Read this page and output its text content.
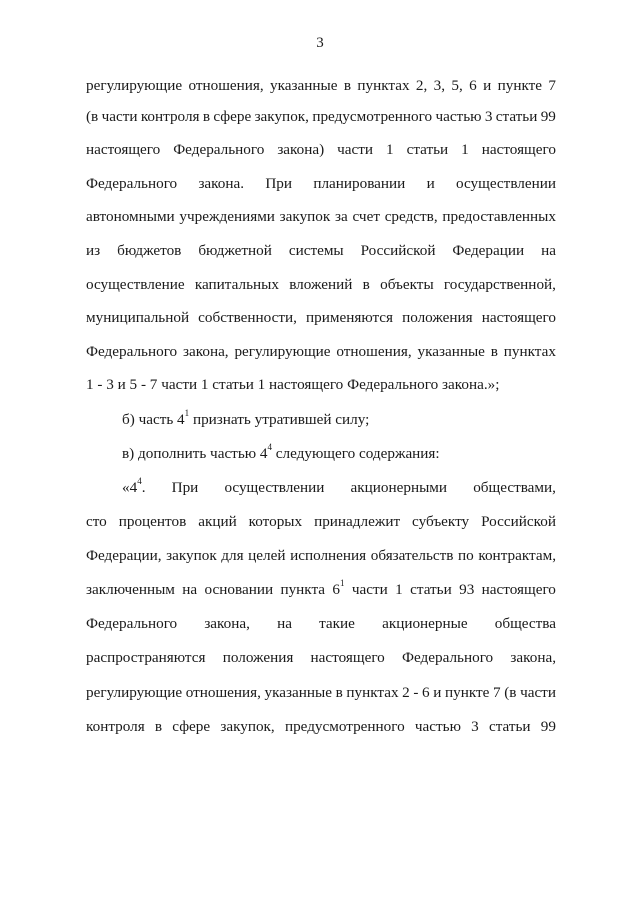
3
регулирующие отношения, указанные в пунктах 2, 3, 5, 6 и пункте 7
(в части контроля в сфере закупок, предусмотренного частью 3 статьи 99
настоящего Федерального закона) части 1 статьи 1 настоящего
Федерального закона. При планировании и осуществлении
автономными учреждениями закупок за счет средств, предоставленных
из бюджетов бюджетной системы Российской Федерации на
осуществление капитальных вложений в объекты государственной,
муниципальной собственности, применяются положения настоящего
Федерального закона, регулирующие отношения, указанные в пунктах
1 - 3 и 5 - 7 части 1 статьи 1 настоящего Федерального закона.»;
б) часть $4^1$ признать утратившей силу;
в) дополнить частью $4^4$ следующего содержания:
«$4^4$. При осуществлении акционерными обществами,
сто процентов акций которых принадлежит субъекту Российской
Федерации, закупок для целей исполнения обязательств по контрактам,
заключенным на основании пункта $6^1$ части 1 статьи 93 настоящего
Федерального закона, на такие акционерные общества
распространяются положения настоящего Федерального закона,
регулирующие отношения, указанные в пунктах 2 - 6 и пункте 7 (в части
контроля в сфере закупок, предусмотренного частью 3 статьи 99
